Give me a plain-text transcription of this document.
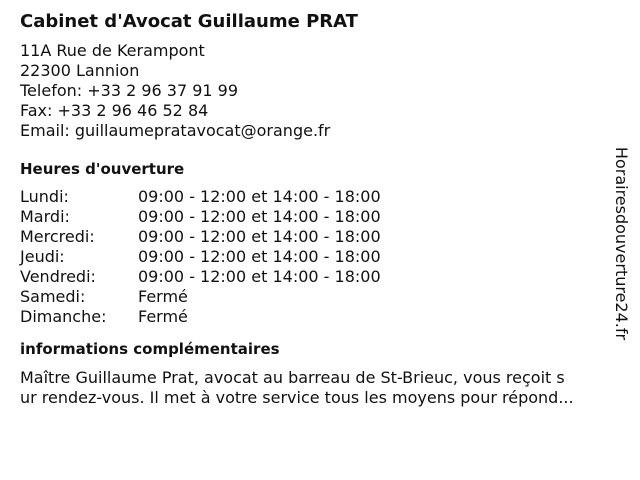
Cabinet d'Avocat Guillaume PRAT
11A Rue de Kerampont
22300 Lannion
Telefon: +33 2 96 37 91 99
Fax: +33 2 96 46 52 84
Email: guillaumepratavocat@orange.fr
Heures d'ouverture
Lundi:	09:00 - 12:00 et 14:00 - 18:00
Mardi:	09:00 - 12:00 et 14:00 - 18:00
Mercredi:	09:00 - 12:00 et 14:00 - 18:00
Jeudi:	09:00 - 12:00 et 14:00 - 18:00
Vendredi:	09:00 - 12:00 et 14:00 - 18:00
Samedi:	Fermé
Dimanche:	Fermé
informations complémentaires
Maître Guillaume Prat, avocat au barreau de St-Brieuc, vous reçoit s
ur rendez-vous. Il met à votre service tous les moyens pour répond...
Horairesdouverture24.fr
